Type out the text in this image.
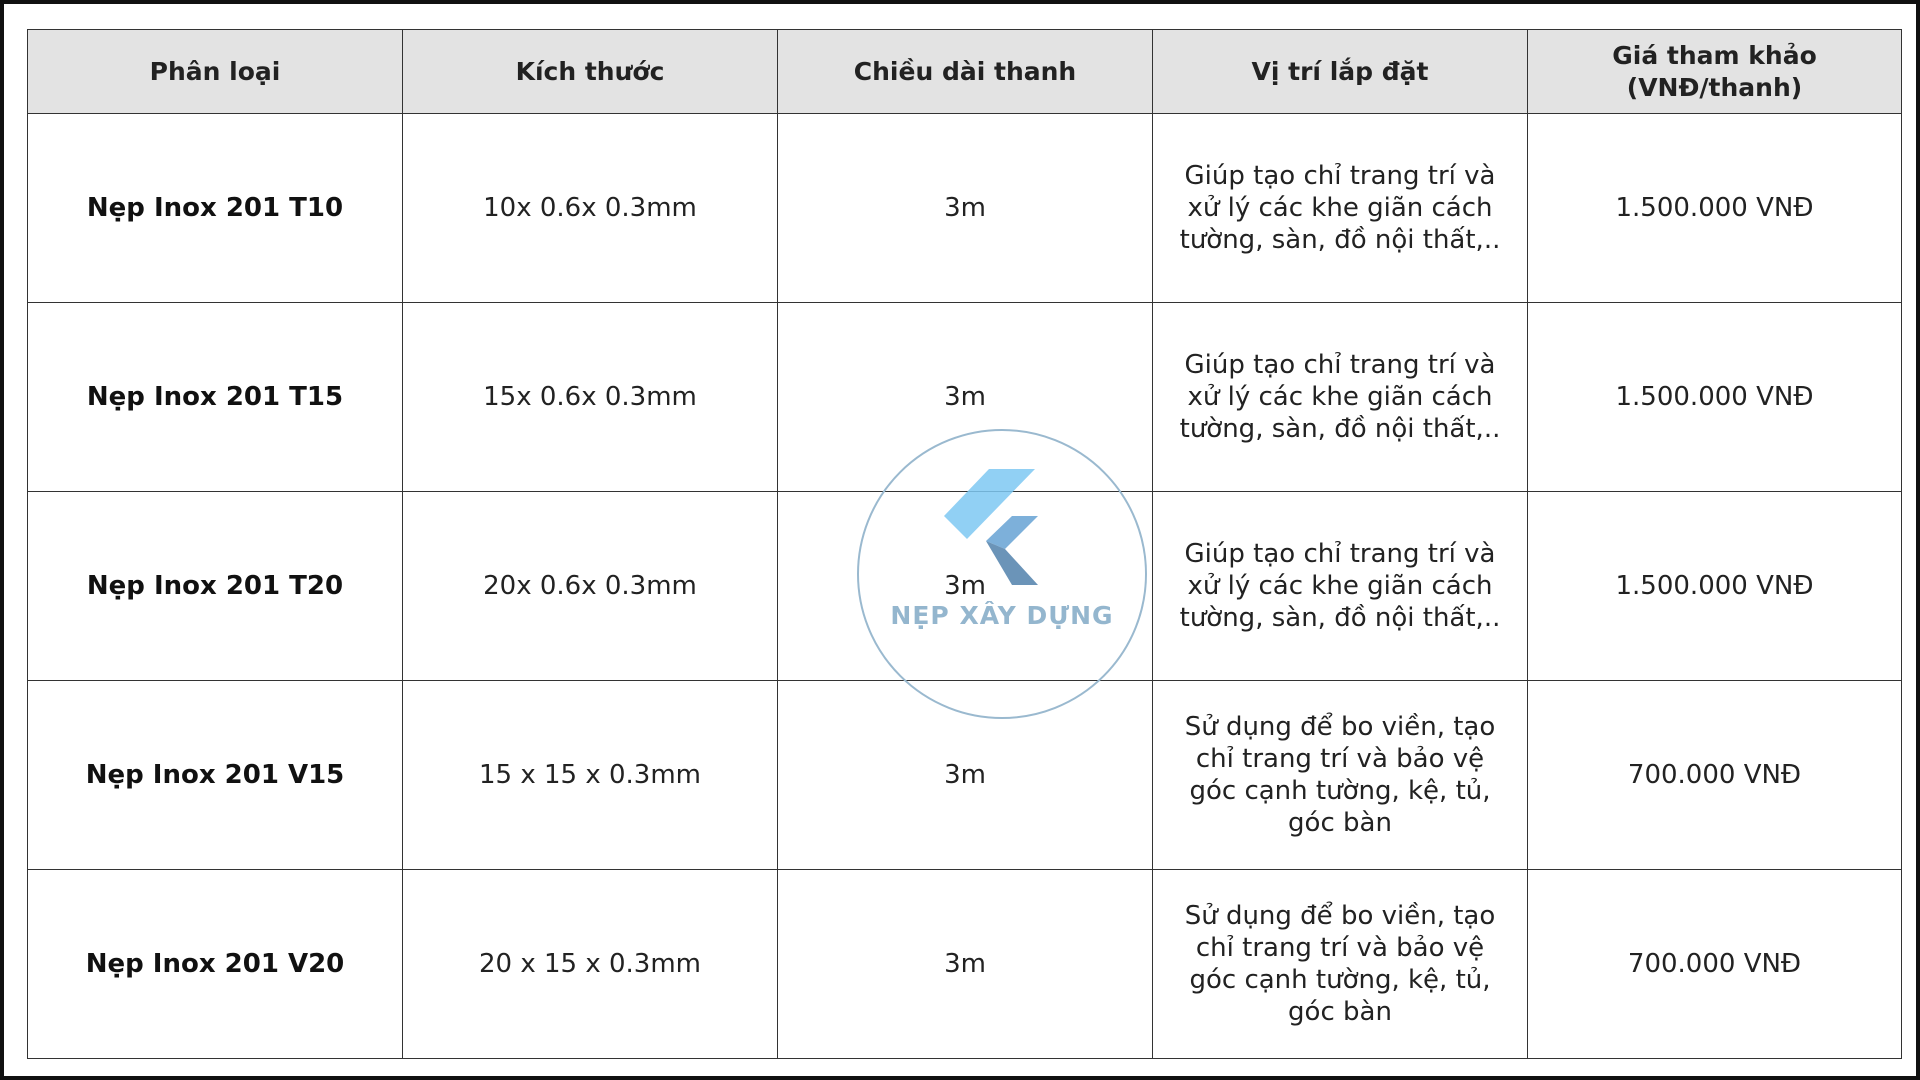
Phân loại	Kích thước	Chiều dài thanh	Vị trí lắp đặt	Giá tham khảo (VNĐ/thanh)
Nẹp Inox 201 T10	10x 0.6x 0.3mm	3m	Giúp tạo chỉ trang trí và xử lý các khe giãn cách tường, sàn, đồ nội thất,..	1.500.000 VNĐ
Nẹp Inox 201 T15	15x 0.6x 0.3mm	3m	Giúp tạo chỉ trang trí và xử lý các khe giãn cách tường, sàn, đồ nội thất,..	1.500.000 VNĐ
Nẹp Inox 201 T20	20x 0.6x 0.3mm	3m	Giúp tạo chỉ trang trí và xử lý các khe giãn cách tường, sàn, đồ nội thất,..	1.500.000 VNĐ
Nẹp Inox 201 V15	15 x 15 x 0.3mm	3m	Sử dụng để bo viền, tạo chỉ trang trí và bảo vệ góc cạnh tường, kệ, tủ, góc bàn	700.000 VNĐ
Nẹp Inox 201 V20	20 x 15 x 0.3mm	3m	Sử dụng để bo viền, tạo chỉ trang trí và bảo vệ góc cạnh tường, kệ, tủ, góc bàn	700.000 VNĐ
NẸP XÂY DỰNG
